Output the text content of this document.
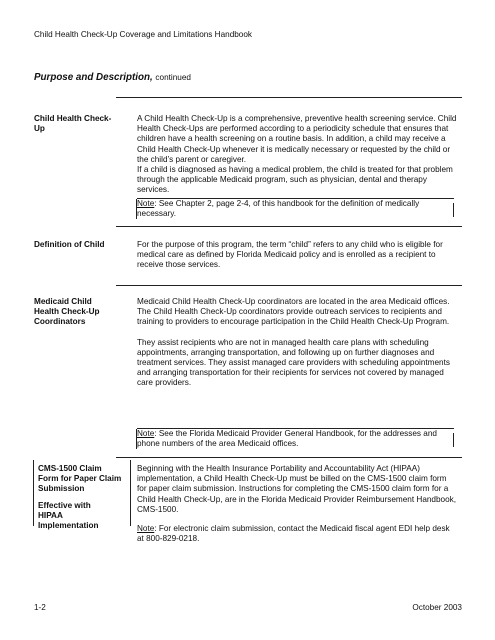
Child Health Check-Up Coverage and Limitations Handbook
Purpose and Description, continued
Child Health Check-Up

A Child Health Check-Up is a comprehensive, preventive health screening service. Child Health Check-Ups are performed according to a periodicity schedule that ensures that children have a health screening on a routine basis. In addition, a child may receive a Child Health Check-Up whenever it is medically necessary or requested by the child or the child’s parent or caregiver.

If a child is diagnosed as having a medical problem, the child is treated for that problem through the applicable Medicaid program, such as physician, dental and therapy services.

Note: See Chapter 2, page 2-4, of this handbook for the definition of medically necessary.
Definition of Child	For the purpose of this program, the term “child” refers to any child who is eligible for medical care as defined by Florida Medicaid policy and is enrolled as a recipient to receive those services.

Medicaid Child Health Check-Up Coordinators

Medicaid Child Health Check-Up coordinators are located in the area Medicaid offices. The Child Health Check-Up coordinators provide outreach services to recipients and training to providers to encourage participation in the Child Health Check-Up Program.

They assist recipients who are not in managed health care plans with scheduling appointments, arranging transportation, and following up on further diagnoses and treatment services. They assist managed care providers with scheduling appointments and arranging transportation for their recipients for services not covered by managed care providers.

Note: See the Florida Medicaid Provider General Handbook, for the addresses and phone numbers of the area Medicaid offices.
CMS-1500 Claim Form for Paper Claim Submission
Effective with HIPAA Implementation

Beginning with the Health Insurance Portability and Accountability Act (HIPAA) implementation, a Child Health Check-Up must be billed on the CMS-1500 claim form for paper claim submission. Instructions for completing the CMS-1500 claim form for a Child Health Check-Up, are in the Florida Medicaid Provider Reimbursement Handbook, CMS-1500.

Note: For electronic claim submission, contact the Medicaid fiscal agent EDI help desk at 800-829-0218.

1-2	October 2003
